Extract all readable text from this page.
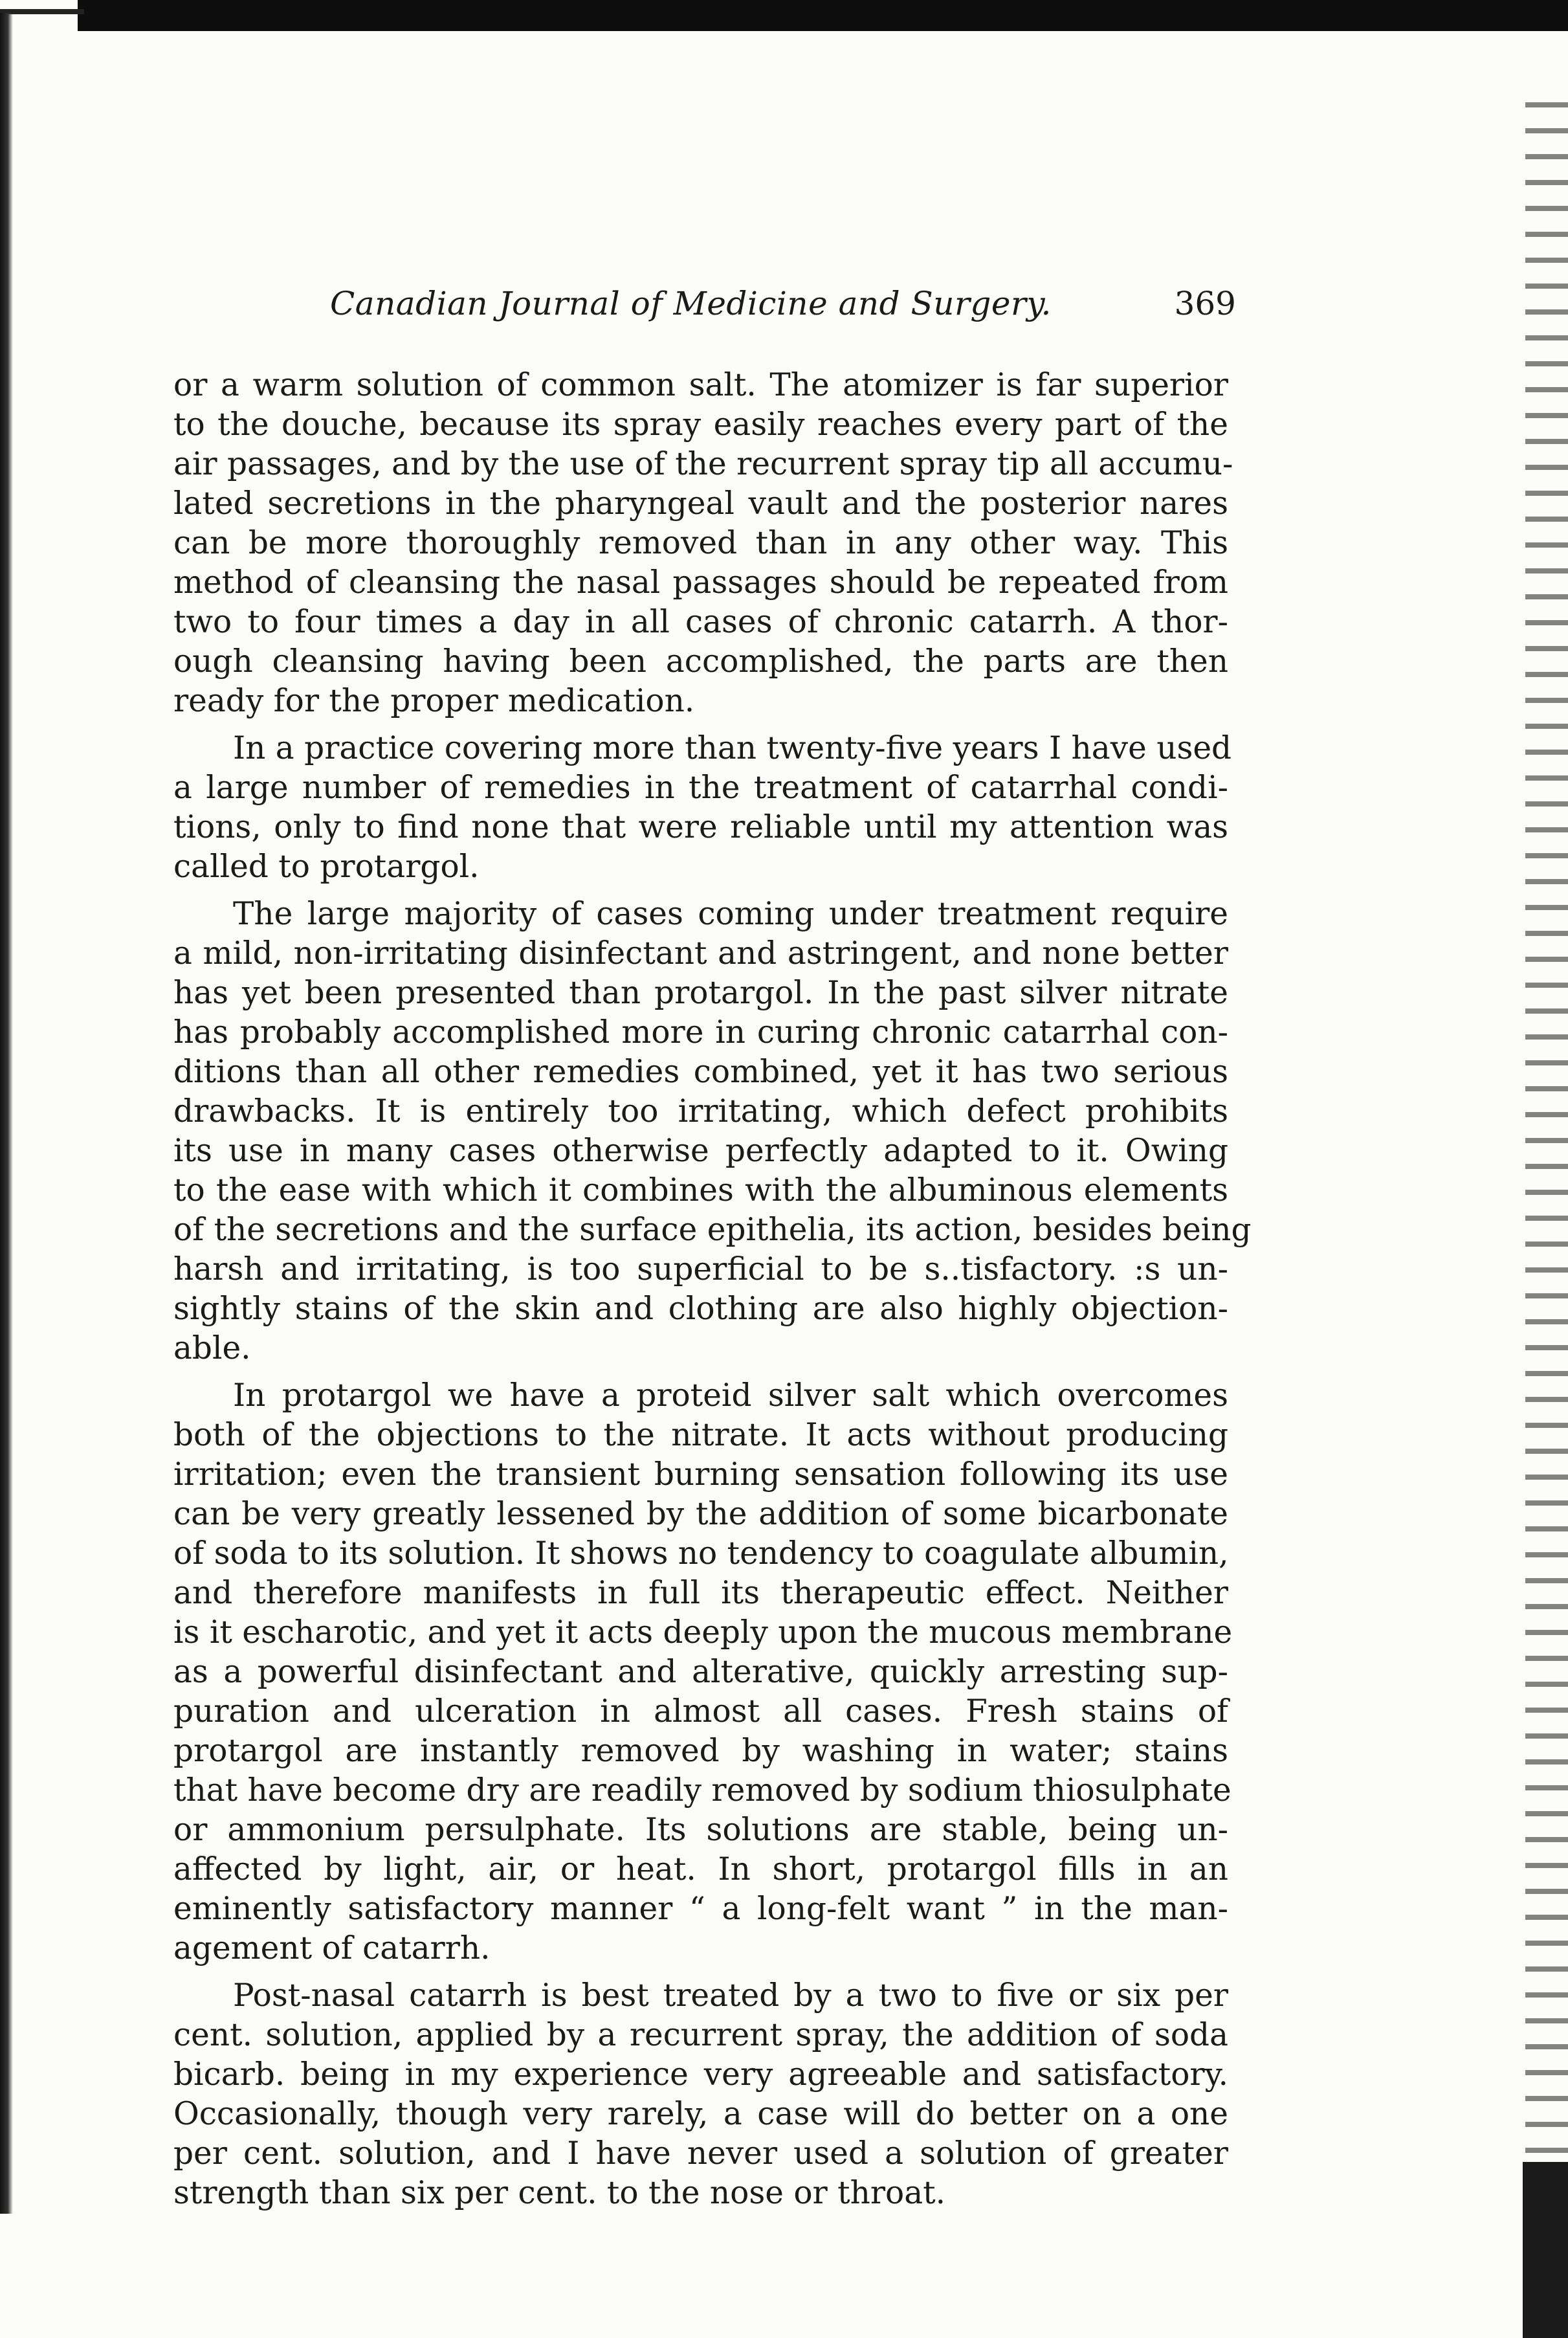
Canadian Journal of Medicine and Surgery.	369
or a warm solution of common salt. The atomizer is far superior
to the douche, because its spray easily reaches every part of the
air passages, and by the use of the recurrent spray tip all accumu-
lated secretions in the pharyngeal vault and the posterior nares
can be more thoroughly removed than in any other way. This
method of cleansing the nasal passages should be repeated from
two to four times a day in all cases of chronic catarrh. A thor-
ough cleansing having been accomplished, the parts are then
ready for the proper medication.
In a practice covering more than twenty-five years I have used
a large number of remedies in the treatment of catarrhal condi-
tions, only to find none that were reliable until my attention was
called to protargol.
The large majority of cases coming under treatment require
a mild, non-irritating disinfectant and astringent, and none better
has yet been presented than protargol. In the past silver nitrate
has probably accomplished more in curing chronic catarrhal con-
ditions than all other remedies combined, yet it has two serious
drawbacks. It is entirely too irritating, which defect prohibits
its use in many cases otherwise perfectly adapted to it. Owing
to the ease with which it combines with the albuminous elements
of the secretions and the surface epithelia, its action, besides being
harsh and irritating, is too superficial to be s..tisfactory. :s un-
sightly stains of the skin and clothing are also highly objection-
able.
In protargol we have a proteid silver salt which overcomes
both of the objections to the nitrate. It acts without producing
irritation; even the transient burning sensation following its use
can be very greatly lessened by the addition of some bicarbonate
of soda to its solution. It shows no tendency to coagulate albumin,
and therefore manifests in full its therapeutic effect. Neither
is it escharotic, and yet it acts deeply upon the mucous membrane
as a powerful disinfectant and alterative, quickly arresting sup-
puration and ulceration in almost all cases. Fresh stains of
protargol are instantly removed by washing in water; stains
that have become dry are readily removed by sodium thiosulphate
or ammonium persulphate. Its solutions are stable, being un-
affected by light, air, or heat. In short, protargol fills in an
eminently satisfactory manner “ a long-felt want ” in the man-
agement of catarrh.
Post-nasal catarrh is best treated by a two to five or six per
cent. solution, applied by a recurrent spray, the addition of soda
bicarb. being in my experience very agreeable and satisfactory.
Occasionally, though very rarely, a case will do better on a one
per cent. solution, and I have never used a solution of greater
strength than six per cent. to the nose or throat.
